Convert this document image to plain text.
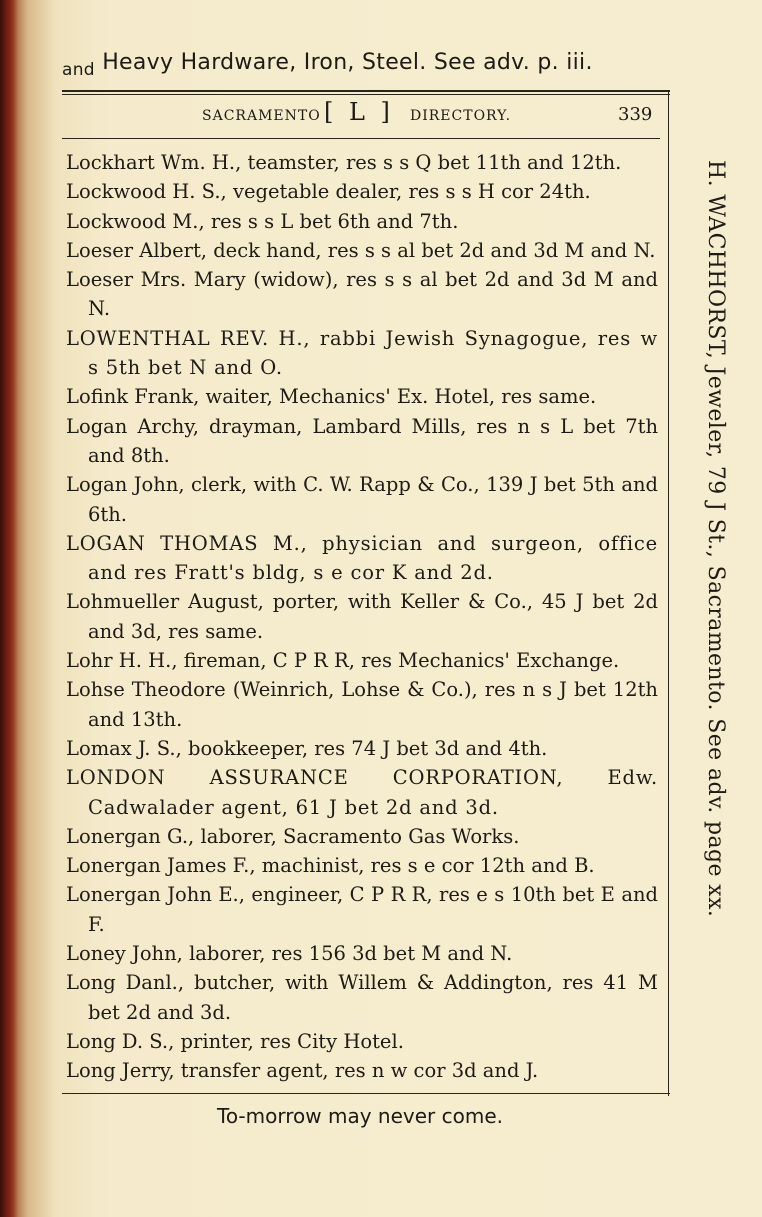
$_{and}$ Heavy Hardware, Iron, Steel. See adv. p. iii.
SACRAMENTO [ L ] DIRECTORY.	339

Lockhart Wm. H., teamster, res s s Q bet 11th and 12th.

Lockwood H. S., vegetable dealer, res s s H cor 24th.

Lockwood M., res s s L bet 6th and 7th.

Loeser Albert, deck hand, res s s al bet 2d and 3d M and N.

Loeser Mrs. Mary (widow), res s s al bet 2d and 3d M and N.

LOWENTHAL REV. H., rabbi Jewish Synagogue, res w s 5th bet N and O.

Lofink Frank, waiter, Mechanics' Ex. Hotel, res same.

Logan Archy, drayman, Lambard Mills, res n s L bet 7th and 8th.

Logan John, clerk, with C. W. Rapp & Co., 139 J bet 5th and 6th.

LOGAN THOMAS M., physician and surgeon, office and res Fratt's bldg, s e cor K and 2d.

Lohmueller August, porter, with Keller & Co., 45 J bet 2d and 3d, res same.

Lohr H. H., fireman, C P R R, res Mechanics' Exchange.

Lohse Theodore (Weinrich, Lohse & Co.), res n s J bet 12th and 13th.

Lomax J. S., bookkeeper, res 74 J bet 3d and 4th.

LONDON ASSURANCE CORPORATION, Edw. Cadwalader agent, 61 J bet 2d and 3d.

Lonergan G., laborer, Sacramento Gas Works.

Lonergan James F., machinist, res s e cor 12th and B.

Lonergan John E., engineer, C P R R, res e s 10th bet E and F.

Loney John, laborer, res 156 3d bet M and N.

Long Danl., butcher, with Willem & Addington, res 41 M bet 2d and 3d.

Long D. S., printer, res City Hotel.

Long Jerry, transfer agent, res n w cor 3d and J.

H. WACHHORST, Jeweler, 79 J St., Sacramento. See adv. page xx.
To-morrow may never come.
